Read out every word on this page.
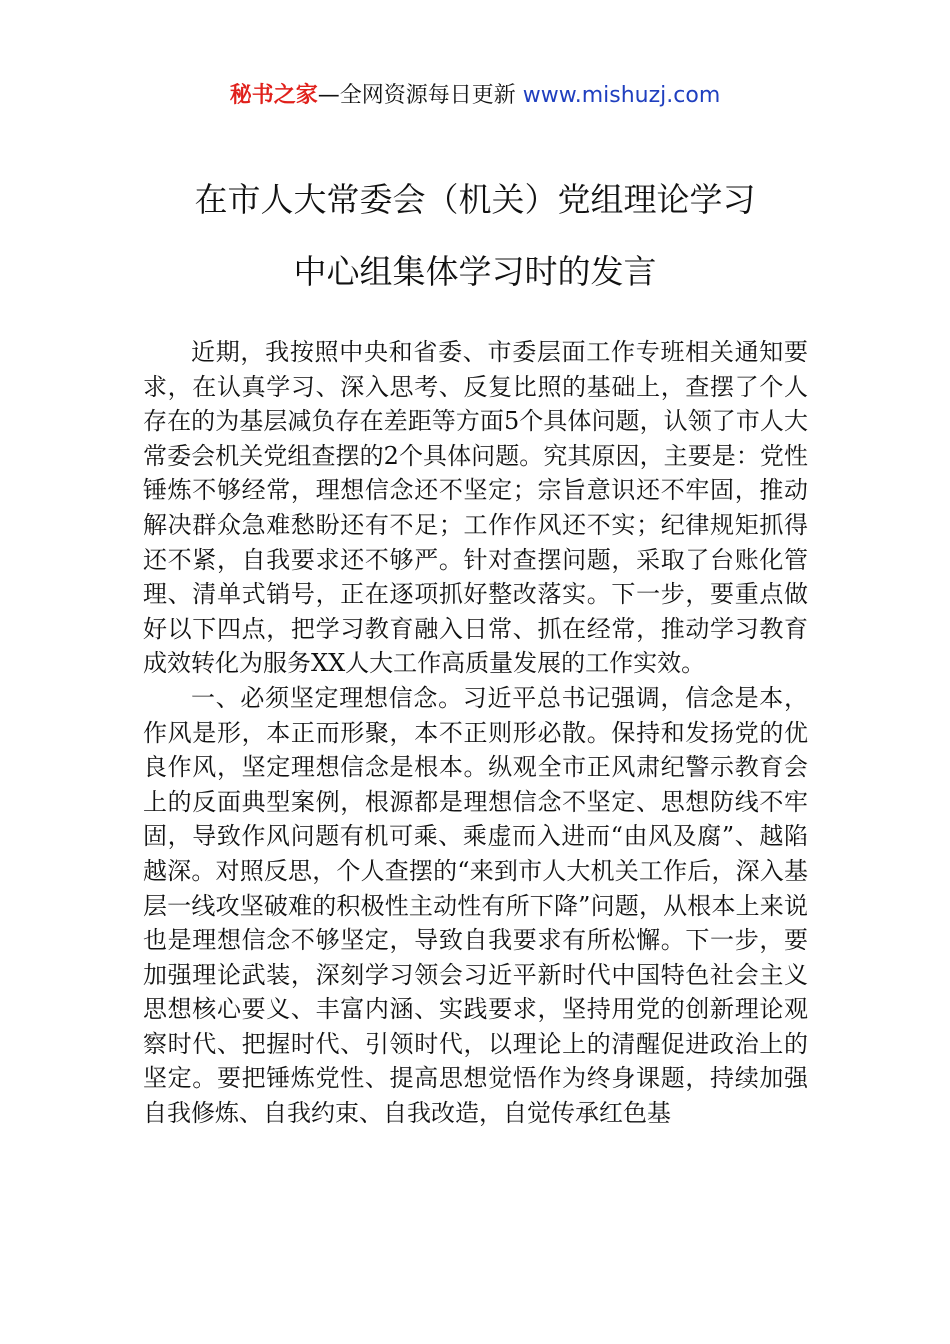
秘书之家—全网资源每日更新 www.mishuzj.com
在市人大常委会（机关）党组理论学习
中心组集体学习时的发言

近期，我按照中央和省委、市委层面工作专班相关通知要求，在认真学习、深入思考、反复比照的基础上，查摆了个人存在的为基层减负存在差距等方面5个具体问题，认领了市人大常委会机关党组查摆的2个具体问题。究其原因，主要是：党性锤炼不够经常，理想信念还不坚定；宗旨意识还不牢固，推动解决群众急难愁盼还有不足；工作作风还不实；纪律规矩抓得还不紧，自我要求还不够严。针对查摆问题，采取了台账化管理、清单式销号，正在逐项抓好整改落实。下一步，要重点做好以下四点，把学习教育融入日常、抓在经常，推动学习教育成效转化为服务XX人大工作高质量发展的工作实效。

一、必须坚定理想信念。习近平总书记强调，信念是本，作风是形，本正而形聚，本不正则形必散。保持和发扬党的优良作风，坚定理想信念是根本。纵观全市正风肃纪警示教育会上的反面典型案例，根源都是理想信念不坚定、思想防线不牢固，导致作风问题有机可乘、乘虚而入进而“由风及腐”、越陷越深。对照反思，个人查摆的“来到市人大机关工作后，深入基层一线攻坚破难的积极性主动性有所下降”问题，从根本上来说也是理想信念不够坚定，导致自我要求有所松懈。下一步，要加强理论武装，深刻学习领会习近平新时代中国特色社会主义思想核心要义、丰富内涵、实践要求，坚持用党的创新理论观察时代、把握时代、引领时代，以理论上的清醒促进政治上的坚定。要把锤炼党性、提高思想觉悟作为终身课题，持续加强自我修炼、自我约束、自我改造，自觉传承红色基
